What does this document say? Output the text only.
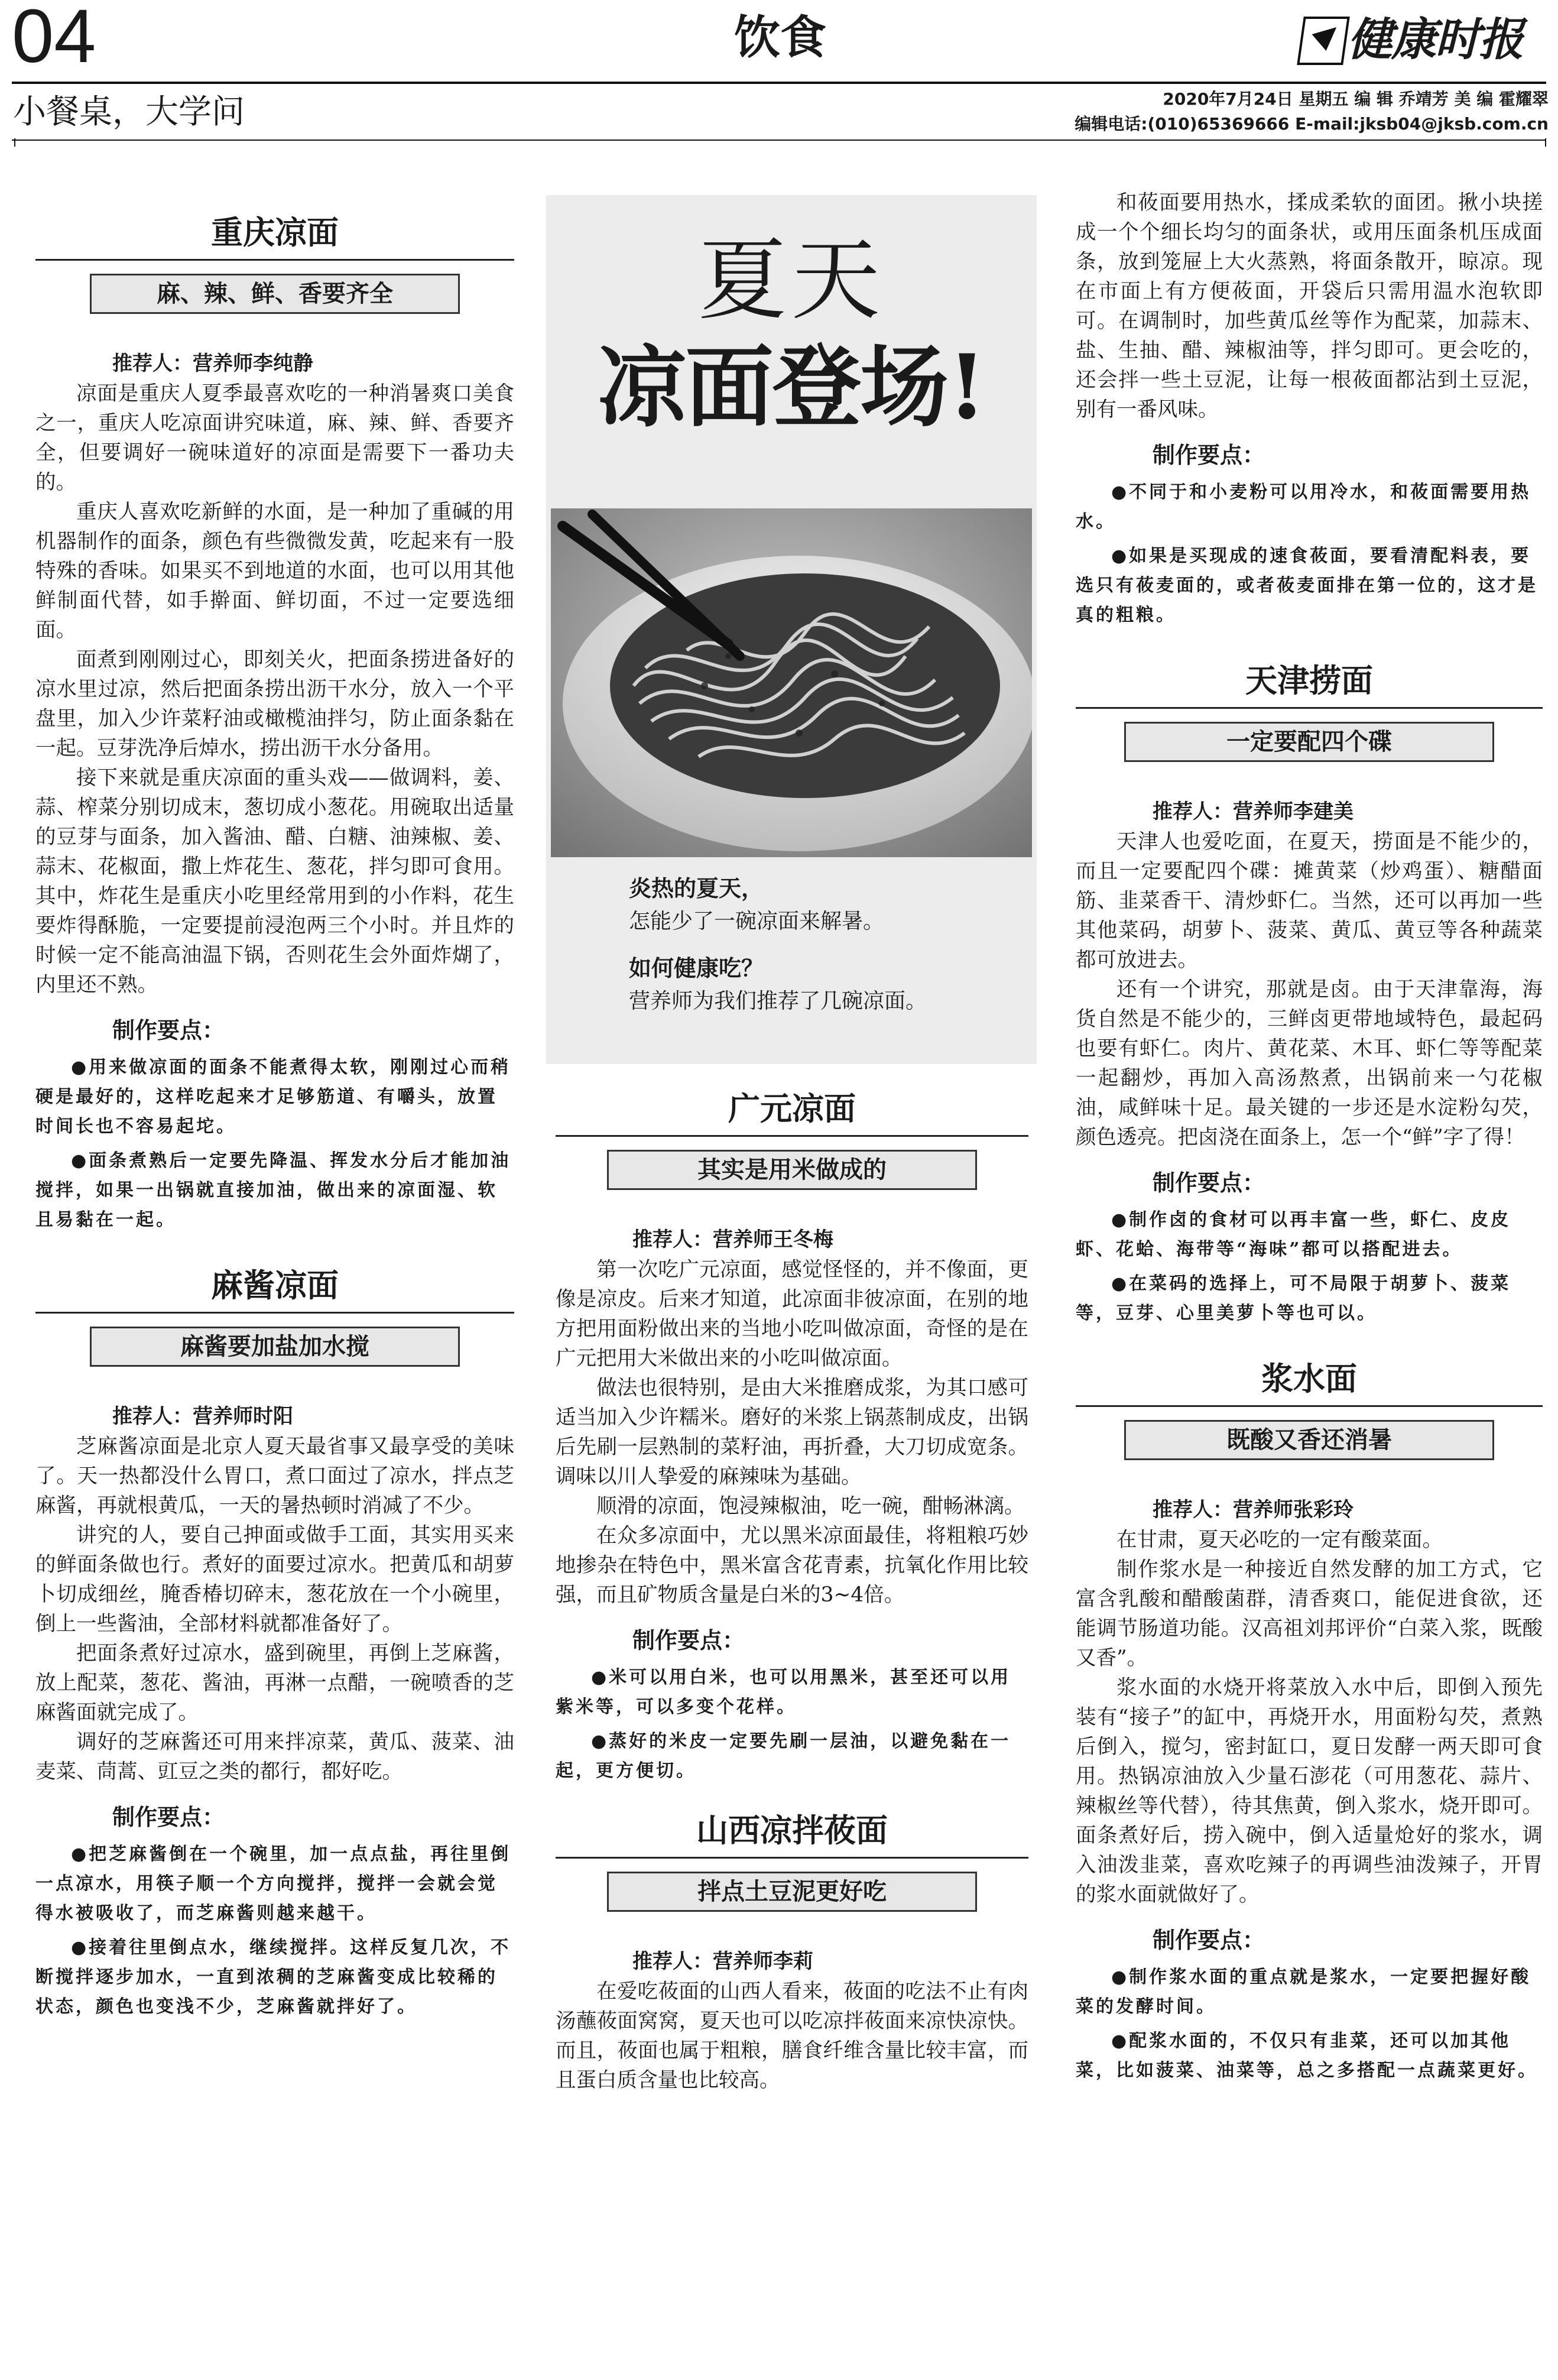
04	饮食	健康时报
小餐桌，大学问	2020年7月24日 星期五 编 辑 乔靖芳 美 编 霍耀翠
编辑电话:(010)65369666 E-mail:jksb04@jksb.com.cn
重庆凉面
麻、辣、鲜、香要齐全
推荐人：营养师李纯静

凉面是重庆人夏季最喜欢吃的一种消暑爽口美食之一，重庆人吃凉面讲究味道，麻、辣、鲜、香要齐全，但要调好一碗味道好的凉面是需要下一番功夫的。

重庆人喜欢吃新鲜的水面，是一种加了重碱的用机器制作的面条，颜色有些微微发黄，吃起来有一股特殊的香味。如果买不到地道的水面，也可以用其他鲜制面代替，如手擀面、鲜切面，不过一定要选细面。

面煮到刚刚过心，即刻关火，把面条捞进备好的凉水里过凉，然后把面条捞出沥干水分，放入一个平盘里，加入少许菜籽油或橄榄油拌匀，防止面条黏在一起。豆芽洗净后焯水，捞出沥干水分备用。

接下来就是重庆凉面的重头戏——做调料，姜、蒜、榨菜分别切成末，葱切成小葱花。用碗取出适量的豆芽与面条，加入酱油、醋、白糖、油辣椒、姜、蒜末、花椒面，撒上炸花生、葱花，拌匀即可食用。其中，炸花生是重庆小吃里经常用到的小作料，花生要炸得酥脆，一定要提前浸泡两三个小时。并且炸的时候一定不能高油温下锅，否则花生会外面炸煳了，内里还不熟。

制作要点：

●用来做凉面的面条不能煮得太软，刚刚过心而稍硬是最好的，这样吃起来才足够筋道、有嚼头，放置时间长也不容易起坨。

●面条煮熟后一定要先降温、挥发水分后才能加油搅拌，如果一出锅就直接加油，做出来的凉面湿、软且易黏在一起。

麻酱凉面
麻酱要加盐加水搅
推荐人：营养师时阳

芝麻酱凉面是北京人夏天最省事又最享受的美味了。天一热都没什么胃口，煮口面过了凉水，拌点芝麻酱，再就根黄瓜，一天的暑热顿时消减了不少。

讲究的人，要自己抻面或做手工面，其实用买来的鲜面条做也行。煮好的面要过凉水。把黄瓜和胡萝卜切成细丝，腌香椿切碎末，葱花放在一个小碗里，倒上一些酱油，全部材料就都准备好了。

把面条煮好过凉水，盛到碗里，再倒上芝麻酱，放上配菜，葱花、酱油，再淋一点醋，一碗喷香的芝麻酱面就完成了。

调好的芝麻酱还可用来拌凉菜，黄瓜、菠菜、油麦菜、茼蒿、豇豆之类的都行，都好吃。

制作要点：

●把芝麻酱倒在一个碗里，加一点点盐，再往里倒一点凉水，用筷子顺一个方向搅拌，搅拌一会就会觉得水被吸收了，而芝麻酱则越来越干。

●接着往里倒点水，继续搅拌。这样反复几次，不断搅拌逐步加水，一直到浓稠的芝麻酱变成比较稀的状态，颜色也变浅不少，芝麻酱就拌好了。

夏天
凉面登场!
炎热的夏天，
怎能少了一碗凉面来解暑。
如何健康吃？
营养师为我们推荐了几碗凉面。
广元凉面
其实是用米做成的
推荐人：营养师王冬梅

第一次吃广元凉面，感觉怪怪的，并不像面，更像是凉皮。后来才知道，此凉面非彼凉面，在别的地方把用面粉做出来的当地小吃叫做凉面，奇怪的是在广元把用大米做出来的小吃叫做凉面。

做法也很特别，是由大米推磨成浆，为其口感可适当加入少许糯米。磨好的米浆上锅蒸制成皮，出锅后先刷一层熟制的菜籽油，再折叠，大刀切成宽条。调味以川人挚爱的麻辣味为基础。

顺滑的凉面，饱浸辣椒油，吃一碗，酣畅淋漓。

在众多凉面中，尤以黑米凉面最佳，将粗粮巧妙地掺杂在特色中，黑米富含花青素，抗氧化作用比较强，而且矿物质含量是白米的3~4倍。

制作要点：

●米可以用白米，也可以用黑米，甚至还可以用紫米等，可以多变个花样。

●蒸好的米皮一定要先刷一层油，以避免黏在一起，更方便切。

山西凉拌莜面
拌点土豆泥更好吃
推荐人：营养师李莉

在爱吃莜面的山西人看来，莜面的吃法不止有肉汤蘸莜面窝窝，夏天也可以吃凉拌莜面来凉快凉快。而且，莜面也属于粗粮，膳食纤维含量比较丰富，而且蛋白质含量也比较高。

和莜面要用热水，揉成柔软的面团。揪小块搓成一个个细长均匀的面条状，或用压面条机压成面条，放到笼屉上大火蒸熟，将面条散开，晾凉。现在市面上有方便莜面，开袋后只需用温水泡软即可。在调制时，加些黄瓜丝等作为配菜，加蒜末、盐、生抽、醋、辣椒油等，拌匀即可。更会吃的，还会拌一些土豆泥，让每一根莜面都沾到土豆泥，别有一番风味。

制作要点：

●不同于和小麦粉可以用冷水，和莜面需要用热水。

●如果是买现成的速食莜面，要看清配料表，要选只有莜麦面的，或者莜麦面排在第一位的，这才是真的粗粮。

天津捞面
一定要配四个碟
推荐人：营养师李建美

天津人也爱吃面，在夏天，捞面是不能少的，而且一定要配四个碟：摊黄菜（炒鸡蛋）、糖醋面筋、韭菜香干、清炒虾仁。当然，还可以再加一些其他菜码，胡萝卜、菠菜、黄瓜、黄豆等各种蔬菜都可放进去。

还有一个讲究，那就是卤。由于天津靠海，海货自然是不能少的，三鲜卤更带地域特色，最起码也要有虾仁。肉片、黄花菜、木耳、虾仁等等配菜一起翻炒，再加入高汤熬煮，出锅前来一勺花椒油，咸鲜味十足。最关键的一步还是水淀粉勾芡，颜色透亮。把卤浇在面条上，怎一个“鲜”字了得！

制作要点：

●制作卤的食材可以再丰富一些，虾仁、皮皮虾、花蛤、海带等“海味”都可以搭配进去。

●在菜码的选择上，可不局限于胡萝卜、菠菜等，豆芽、心里美萝卜等也可以。

浆水面
既酸又香还消暑
推荐人：营养师张彩玲

在甘肃，夏天必吃的一定有酸菜面。

制作浆水是一种接近自然发酵的加工方式，它富含乳酸和醋酸菌群，清香爽口，能促进食欲，还能调节肠道功能。汉高祖刘邦评价“白菜入浆，既酸又香”。

浆水面的水烧开将菜放入水中后，即倒入预先装有“接子”的缸中，再烧开水，用面粉勾芡，煮熟后倒入，搅匀，密封缸口，夏日发酵一两天即可食用。热锅凉油放入少量石澎花（可用葱花、蒜片、辣椒丝等代替），待其焦黄，倒入浆水，烧开即可。面条煮好后，捞入碗中，倒入适量炝好的浆水，调入油泼韭菜，喜欢吃辣子的再调些油泼辣子，开胃的浆水面就做好了。

制作要点：

●制作浆水面的重点就是浆水，一定要把握好酸菜的发酵时间。

●配浆水面的，不仅只有韭菜，还可以加其他菜，比如菠菜、油菜等，总之多搭配一点蔬菜更好。
